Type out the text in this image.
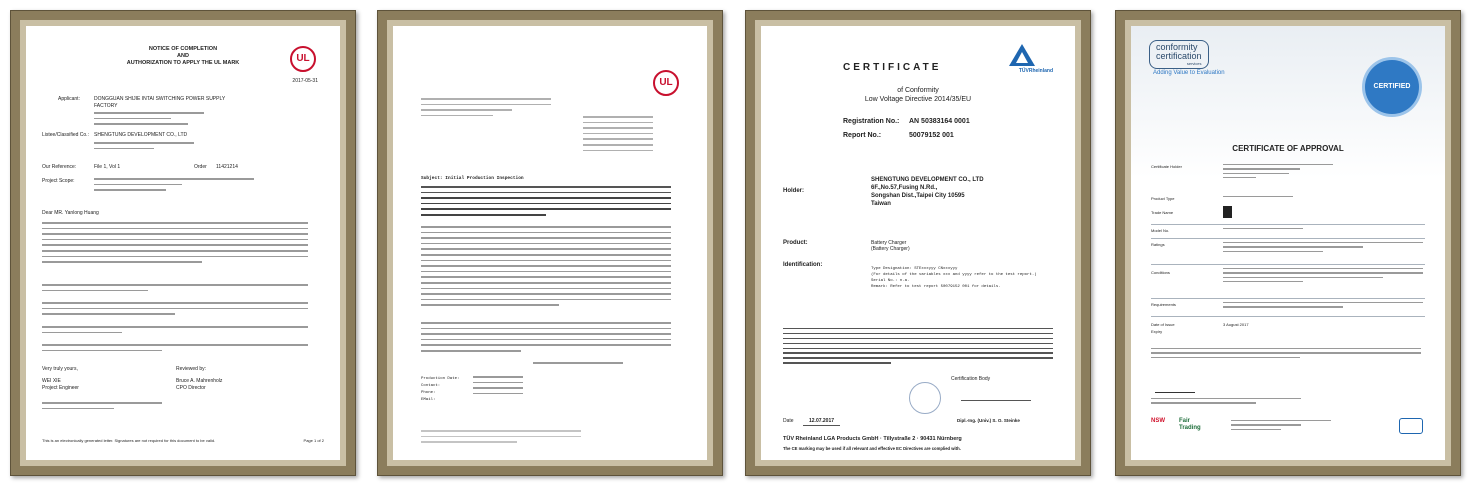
NOTICE OF COMPLETION
AND
AUTHORIZATION TO APPLY THE UL MARK	UL
2017-05-31
Applicant:	DONGGUAN SHIJIE INTAI SWITCHING POWER SUPPLY FACTORY
Listee/Classified Co.: SHENGTUNG DEVELOPMENT CO., LTD
Our Reference:	File 1, Vol 1	Order 11421214
Project Scope:
Dear MR. Yanlong Huang
Very truly yours,	Reviewed by:
WEI XIE
Project Engineer
Bruce A. Mahrenholz
CPO Director
This is an electronically generated letter. Signatures are not required for this document to be valid.	Page 1 of 2
UL
Subject: Initial Production Inspection
Production Date:
Contact:
Phone:
EMail:
CERTIFICATE	TÜVRheinland
of Conformity
Low Voltage Directive 2014/35/EU
Registration No.: AN 50383164 0001
Report No.:	50079152 001
Holder:
SHENGTUNG DEVELOPMENT CO., LTD
6F.,No.57,Fusing N.Rd.,
Songshan Dist.,Taipei City 10595
Taiwan
Product:	Battery Charger
(Battery Charger)
Identification:
Type Designation: STExxxyyy CNxxxyyy
(For details of the variables xxx and yyyy refer to the test report.)
Serial No.: n.a.
Remark: Refer to test report 50079152 001 for details.
Certification Body
Date	12.07.2017	Dipl.-Ing. (Univ.) S. O. Steinke
TÜV Rheinland LGA Products GmbH · Tillystraße 2 · 90431 Nürnberg
The CE marking may be used if all relevant and effective EC Directives are complied with.
conformity
certification
services
Adding Value to Evaluation
CERTIFIED
CERTIFICATE OF APPROVAL
Certificate Holder
Product Type
Trade Name
Model No.
Ratings
Conditions
Requirements
Date of Issue	3 August 2017
Expiry
NSW Fair
Trading
